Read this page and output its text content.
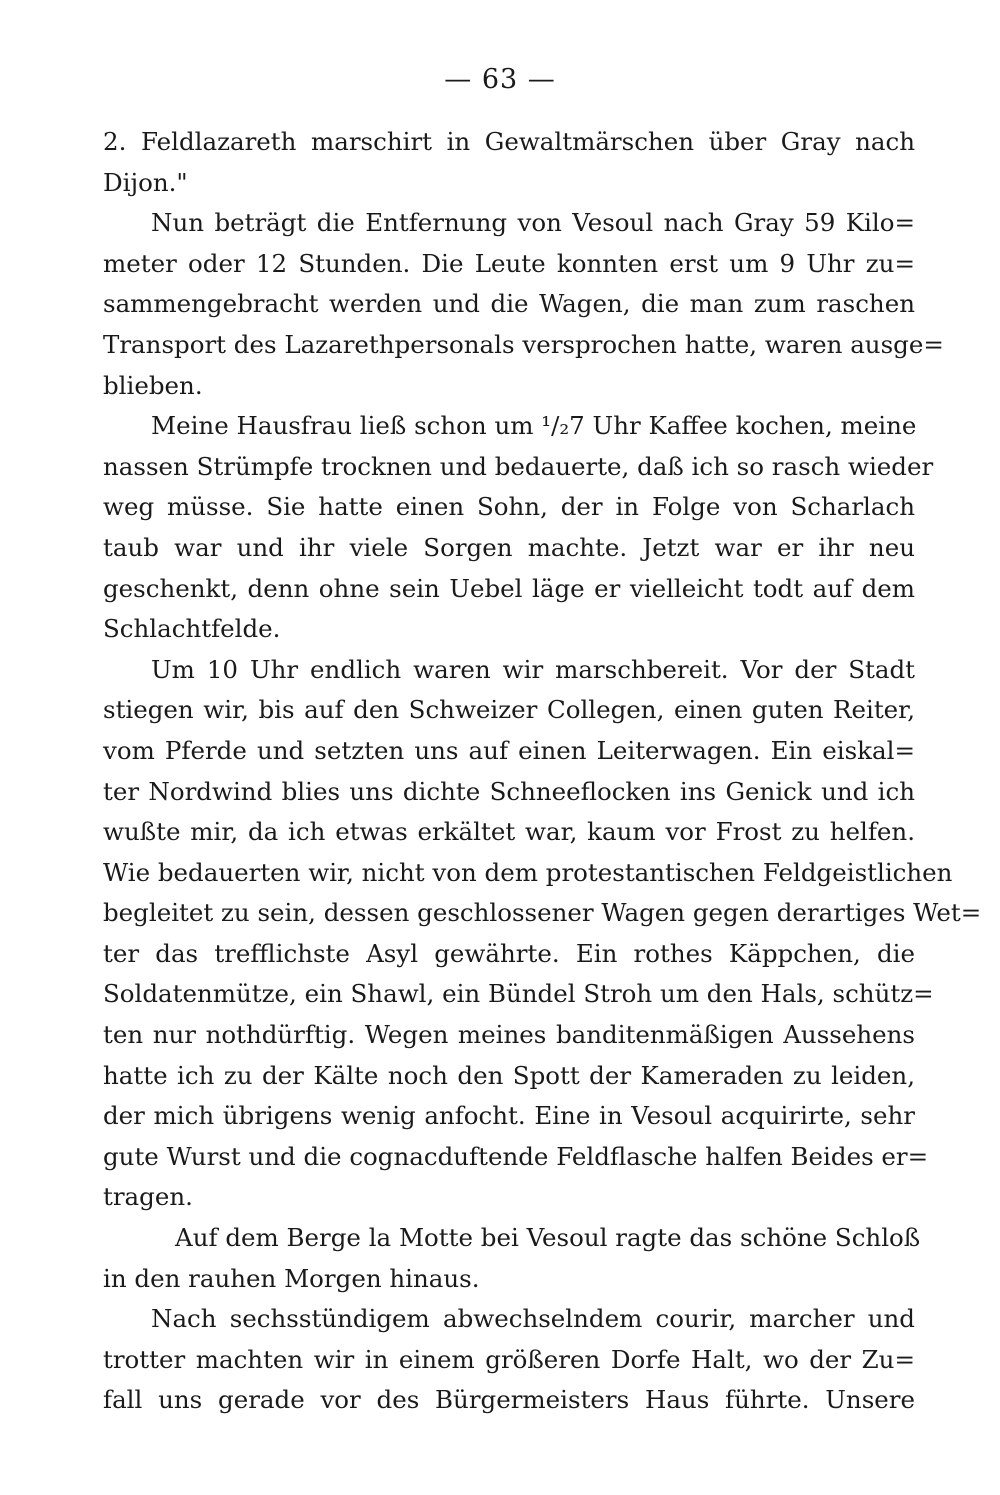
— 63 —

2. Feldlazareth marschirt in Gewaltmärschen über Gray nach
Dijon."

Nun beträgt die Entfernung von Vesoul nach Gray 59 Kilo=
meter oder 12 Stunden. Die Leute konnten erst um 9 Uhr zu=
sammengebracht werden und die Wagen, die man zum raschen
Transport des Lazarethpersonals versprochen hatte, waren ausge=
blieben.

Meine Hausfrau ließ schon um ¹/₂7 Uhr Kaffee kochen, meine
nassen Strümpfe trocknen und bedauerte, daß ich so rasch wieder
weg müsse. Sie hatte einen Sohn, der in Folge von Scharlach
taub war und ihr viele Sorgen machte. Jetzt war er ihr neu
geschenkt, denn ohne sein Uebel läge er vielleicht todt auf dem
Schlachtfelde.

Um 10 Uhr endlich waren wir marschbereit. Vor der Stadt
stiegen wir, bis auf den Schweizer Collegen, einen guten Reiter,
vom Pferde und setzten uns auf einen Leiterwagen. Ein eiskal=
ter Nordwind blies uns dichte Schneeflocken ins Genick und ich
wußte mir, da ich etwas erkältet war, kaum vor Frost zu helfen.
Wie bedauerten wir, nicht von dem protestantischen Feldgeistlichen
begleitet zu sein, dessen geschlossener Wagen gegen derartiges Wet=
ter das trefflichste Asyl gewährte. Ein rothes Käppchen, die
Soldatenmütze, ein Shawl, ein Bündel Stroh um den Hals, schütz=
ten nur nothdürftig. Wegen meines banditenmäßigen Aussehens
hatte ich zu der Kälte noch den Spott der Kameraden zu leiden,
der mich übrigens wenig anfocht. Eine in Vesoul acquirirte, sehr
gute Wurst und die cognacduftende Feldflasche halfen Beides er=
tragen.

Auf dem Berge la Motte bei Vesoul ragte das schöne Schloß
in den rauhen Morgen hinaus.

Nach sechsstündigem abwechselndem courir, marcher und
trotter machten wir in einem größeren Dorfe Halt, wo der Zu=
fall uns gerade vor des Bürgermeisters Haus führte. Unsere
